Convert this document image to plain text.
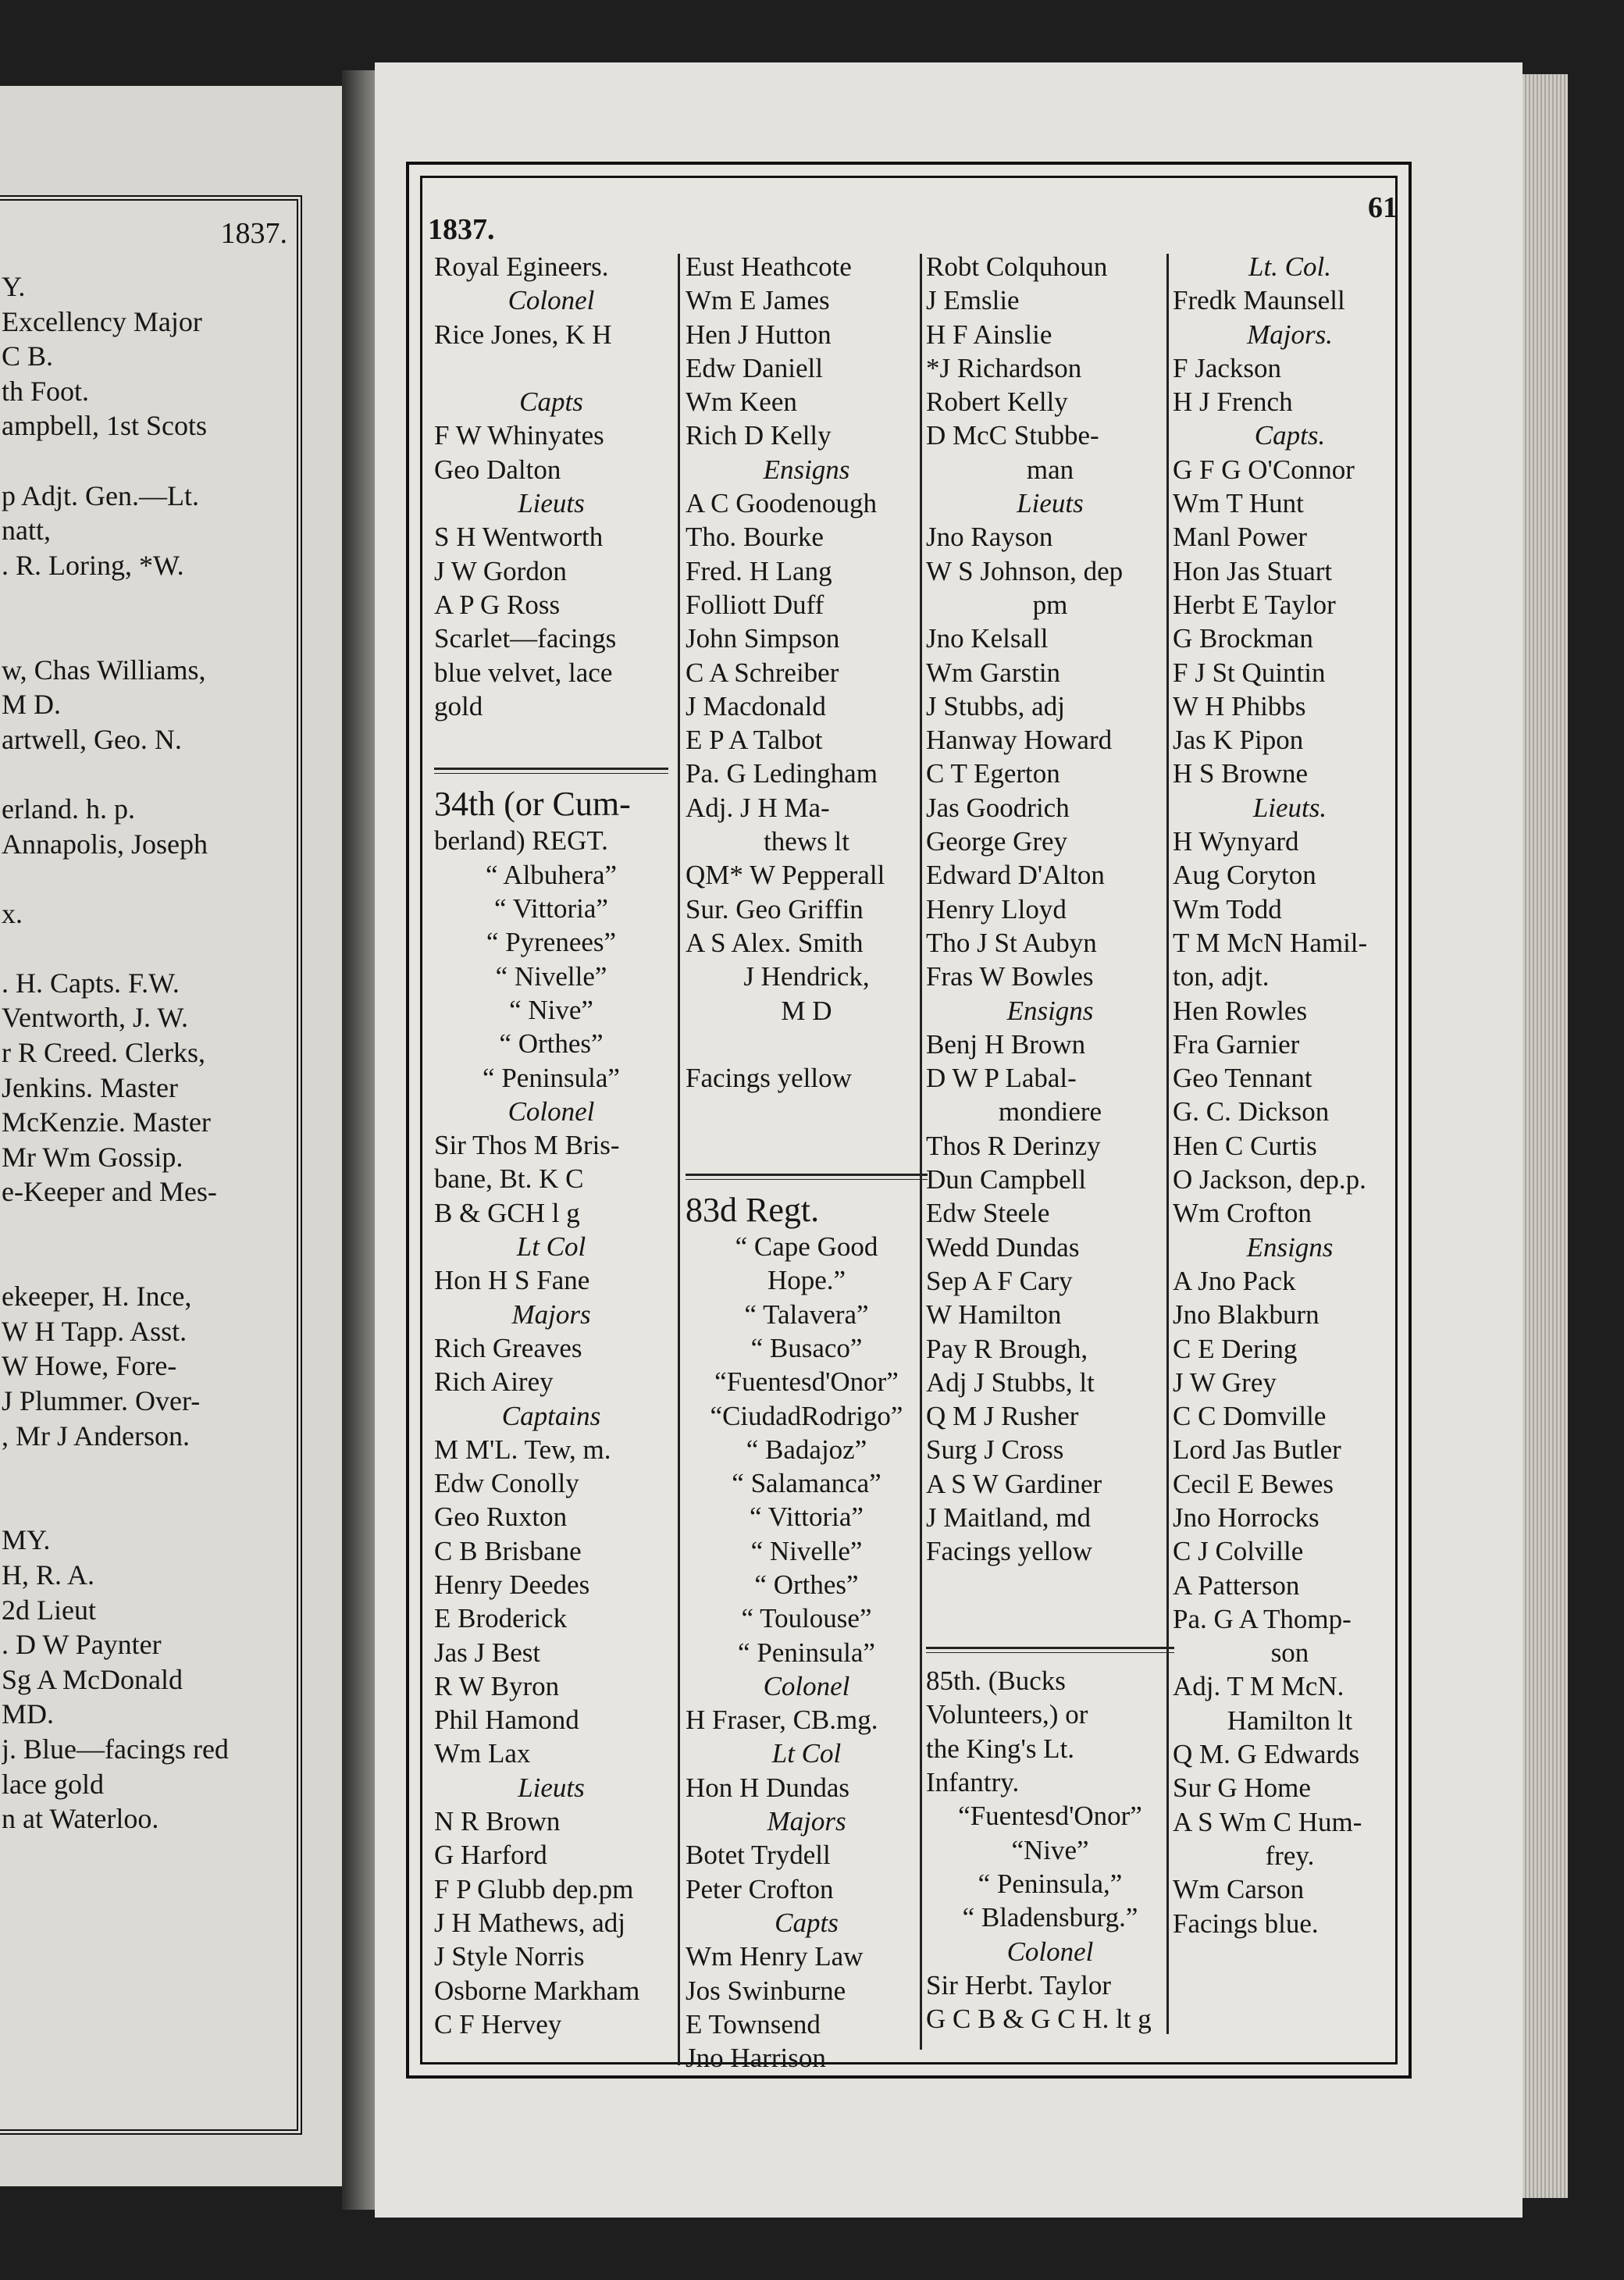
1837.
Y.
Excellency Major
C B.
th Foot.
ampbell, 1st Scots
p Adjt. Gen.—Lt.
natt,
. R. Loring, *W.
w, Chas Williams,
M D.
artwell, Geo. N.
erland. h. p.
Annapolis, Joseph
x.
. H. Capts. F.W.
Ventworth, J. W.
r R Creed. Clerks,
Jenkins. Master
McKenzie. Master
Mr Wm Gossip.
e-Keeper and Mes-
ekeeper, H. Ince,
W H Tapp. Asst.
W Howe, Fore-
J Plummer. Over-
, Mr J Anderson.
MY.
H, R. A.
2d Lieut
. D W Paynter
Sg A McDonald
MD.
j. Blue—facings red
lace gold
n at Waterloo.
1837.
61
Royal Egineers.
Colonel
Rice Jones, K H
Capts
F W Whinyates
Geo Dalton
Lieuts
S H Wentworth
J W Gordon
A P G Ross
Scarlet—facings
blue velvet, lace
gold
34th (or Cum-
berland) REGT.
“ Albuhera”
“ Vittoria”
“ Pyrenees”
“ Nivelle”
“ Nive”
“ Orthes”
“ Peninsula”
Colonel
Sir Thos M Bris-
bane, Bt. K C
B & GCH l g
Lt Col
Hon H S Fane
Majors
Rich Greaves
Rich Airey
Captains
M M'L. Tew, m.
Edw Conolly
Geo Ruxton
C B Brisbane
Henry Deedes
E Broderick
Jas J Best
R W Byron
Phil Hamond
Wm Lax
Lieuts
N R Brown
G Harford
F P Glubb dep.pm
J H Mathews, adj
J Style Norris
Osborne Markham
C F Hervey
Eust Heathcote
Wm E James
Hen J Hutton
Edw Daniell
Wm Keen
Rich D Kelly
Ensigns
A C Goodenough
Tho. Bourke
Fred. H Lang
Folliott Duff
John Simpson
C A Schreiber
J Macdonald
E P A Talbot
Pa. G Ledingham
Adj. J H Ma-
thews lt
QM* W Pepperall
Sur. Geo Griffin
A S Alex. Smith
J Hendrick,
M D
Facings yellow
83d Regt.
“ Cape Good
Hope.”
“ Talavera”
“ Busaco”
“Fuentesd'Onor”
“CiudadRodrigo”
“ Badajoz”
“ Salamanca”
“ Vittoria”
“ Nivelle”
“ Orthes”
“ Toulouse”
“ Peninsula”
Colonel
H Fraser, CB.mg.
Lt Col
Hon H Dundas
Majors
Botet Trydell
Peter Crofton
Capts
Wm Henry Law
Jos Swinburne
E Townsend
Jno Harrison
Robt Colquhoun
J Emslie
H F Ainslie
*J Richardson
Robert Kelly
D McC Stubbe-
man
Lieuts
Jno Rayson
W S Johnson, dep
pm
Jno Kelsall
Wm Garstin
J Stubbs, adj
Hanway Howard
C T Egerton
Jas Goodrich
George Grey
Edward D'Alton
Henry Lloyd
Tho J St Aubyn
Fras W Bowles
Ensigns
Benj H Brown
D W P Labal-
mondiere
Thos R Derinzy
Dun Campbell
Edw Steele
Wedd Dundas
Sep A F Cary
W Hamilton
Pay R Brough,
Adj J Stubbs, lt
Q M J Rusher
Surg J Cross
A S W Gardiner
J Maitland, md
Facings yellow
85th. (Bucks
Volunteers,) or
the King's Lt.
Infantry.
“Fuentesd'Onor”
“Nive”
“ Peninsula,”
“ Bladensburg.”
Colonel
Sir Herbt. Taylor
G C B & G C H. lt g
Lt. Col.
Fredk Maunsell
Majors.
F Jackson
H J French
Capts.
G F G O'Connor
Wm T Hunt
Manl Power
Hon Jas Stuart
Herbt E Taylor
G Brockman
F J St Quintin
W H Phibbs
Jas K Pipon
H S Browne
Lieuts.
H Wynyard
Aug Coryton
Wm Todd
T M McN Hamil-
ton, adjt.
Hen Rowles
Fra Garnier
Geo Tennant
G. C. Dickson
Hen C Curtis
O Jackson, dep.p.
Wm Crofton
Ensigns
A Jno Pack
Jno Blakburn
C E Dering
J W Grey
C C Domville
Lord Jas Butler
Cecil E Bewes
Jno Horrocks
C J Colville
A Patterson
Pa. G A Thomp-
son
Adj. T M McN.
Hamilton lt
Q M. G Edwards
Sur G Home
A S Wm C Hum-
frey.
Wm Carson
Facings blue.
